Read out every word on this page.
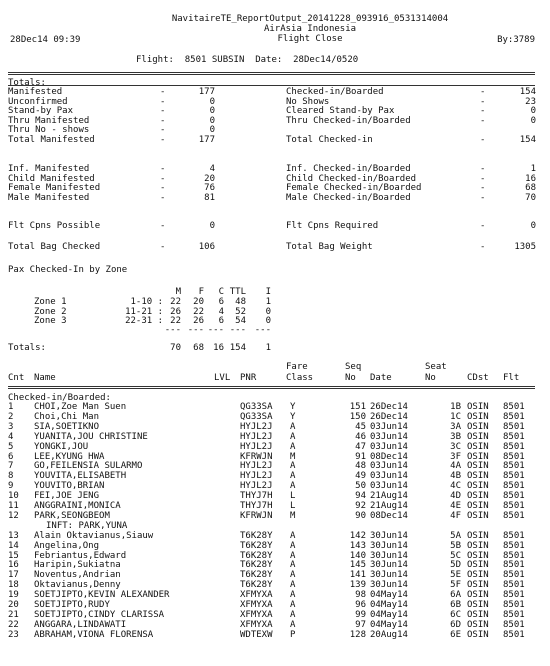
NavitaireTE_ReportOutput_20141228_093916_0531314004
AirAsia Indonesia
28Dec14 09:39	Flight Close	By:3789
Flight:  8501 SUBSIN  Date:  28Dec14/0520
Totals:
Manifested	-	177
Unconfirmed	-	0
Stand-by Pax	-	0
Thru Manifested	-	0
Thru No - shows	-	0
Total Manifested	-	177
Checked-in/Boarded	-	154
No Shows	-	23
Cleared Stand-by Pax	-	0
Thru Checked-in/Boarded	-	0
Total Checked-in	-	154
Inf. Manifested	-	4
Child Manifested	-	20
Female Manifested	-	76
Male Manifested	-	81
Inf. Checked-in/Boarded	-	1
Child Checked-in/Boarded	-	16
Female Checked-in/Boarded	-	68
Male Checked-in/Boarded	-	70
Flt Cpns Possible	-	0	Flt Cpns Required	-	0
Total Bag Checked	-	106	Total Bag Weight	-	1305
Pax Checked-In by Zone
M	F	C TTL	I
Zone 1	1-10 : 22	20	6	48	1
Zone 2	11-21 : 26	22	4	52	0
Zone 3	22-31 : 22	26	6	54	0
--- --- --- --- ---
Totals:	70	68	16 154	1
Fare
Class
Seq
No
Seat
No
Cnt Name	LVL PNR	Date	CDst Flt
Checked-in/Boarded:
1 CHOI,Zoe Man Suen	QG33SA Y	151 26Dec14	1B OSIN 8501
2 Choi,Chi Man	QG33SA Y	150 26Dec14	1C OSIN 8501
3 SIA,SOETIKNO	HYJL2J A	45 03Jun14	3A OSIN 8501
4 YUANITA,JOU CHRISTINE	HYJL2J A	46 03Jun14	3B OSIN 8501
5 YONGKI,JOU	HYJL2J A	47 03Jun14	3C OSIN 8501
6 LEE,KYUNG HWA	KFRWJN M	91 08Dec14	3F OSIN 8501
7 GO,FEILENSIA SULARMO	HYJL2J A	48 03Jun14	4A OSIN 8501
8 YOUVITA,ELISABETH	HYJL2J A	49 03Jun14	4B OSIN 8501
9 YOUVITO,BRIAN	HYJL2J A	50 03Jun14	4C OSIN 8501
10 FEI,JOE JENG	THYJ7H L	94 21Aug14	4D OSIN 8501
11 ANGGRAINI,MONICA	THYJ7H L	92 21Aug14	4E OSIN 8501
12 PARK,SEONGBEOM	KFRWJN M	90 08Dec14	4F OSIN 8501
INFT: PARK,YUNA
13 Alain Oktavianus,Siauw	T6K28Y A	142 30Jun14	5A OSIN 8501
14 Angelina,Ong	T6K28Y A	143 30Jun14	5B OSIN 8501
15 Febriantus,Edward	T6K28Y A	140 30Jun14	5C OSIN 8501
16 Haripin,Sukiatna	T6K28Y A	145 30Jun14	5D OSIN 8501
17 Noventus,Andrian	T6K28Y A	141 30Jun14	5E OSIN 8501
18 Oktavianus,Denny	T6K28Y A	139 30Jun14	5F OSIN 8501
19 SOETJIPTO,KEVIN ALEXANDER	XFMYXA A	98 04May14	6A OSIN 8501
20 SOETJIPTO,RUDY	XFMYXA A	96 04May14	6B OSIN 8501
21 SOETJIPTO,CINDY CLARISSA	XFMYXA A	99 04May14	6C OSIN 8501
22 ANGGARA,LINDAWATI	XFMYXA A	97 04May14	6D OSIN 8501
23 ABRAHAM,VIONA FLORENSA	WDTEXW P	128 20Aug14	6E OSIN 8501
